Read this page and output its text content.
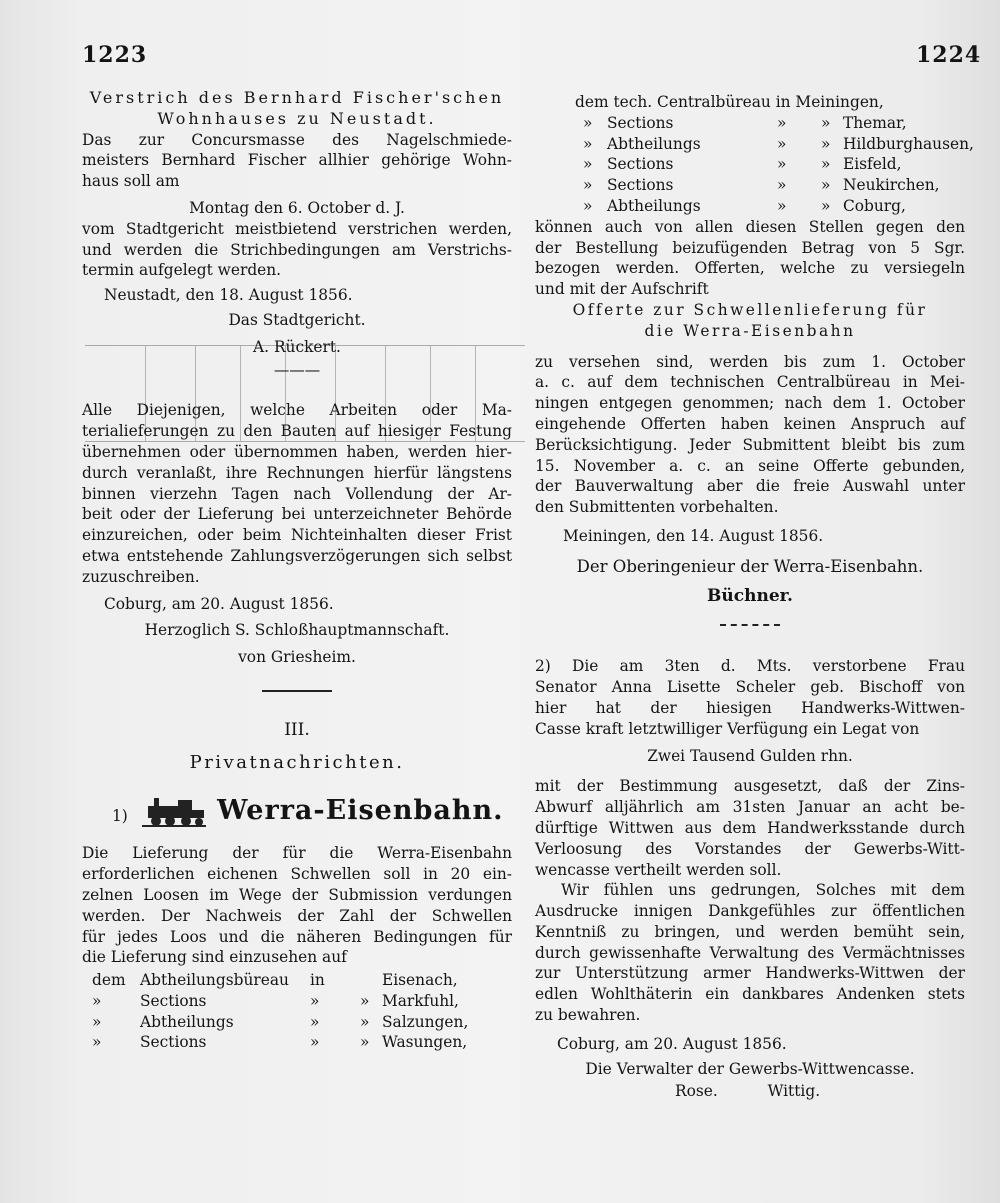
1223	1224
Verstrich des Bernhard Fischer'schen
Wohnhauses zu Neustadt.

Das zur Concursmasse des Nagelschmiede-
meisters Bernhard Fischer allhier gehörige Wohn-
haus soll am

Montag den 6. October d. J.

vom Stadtgericht meistbietend verstrichen werden,
und werden die Strichbedingungen am Verstrichs-
termin aufgelegt werden.

Neustadt, den 18. August 1856.
Das Stadtgericht.
A. Rückert.
———

Alle Diejenigen, welche Arbeiten oder Ma-
terialieferungen zu den Bauten auf hiesiger Festung
übernehmen oder übernommen haben, werden hier-
durch veranlaßt, ihre Rechnungen hierfür längstens
binnen vierzehn Tagen nach Vollendung der Ar-
beit oder der Lieferung bei unterzeichneter Behörde
einzureichen, oder beim Nichteinhalten dieser Frist
etwa entstehende Zahlungsverzögerungen sich selbst
zuzuschreiben.

Coburg, am 20. August 1856.
Herzoglich S. Schloßhauptmannschaft.
von Griesheim.
III.
Privatnachrichten.
1)	Werra-Eisenbahn.

Die Lieferung der für die Werra-Eisenbahn
erforderlichen eichenen Schwellen soll in 20 ein-
zelnen Loosen im Wege der Submission verdungen
werden. Der Nachweis der Zahl der Schwellen
für jedes Loos und die näheren Bedingungen für
die Lieferung sind einzusehen auf

dem Abtheilungsbüreau	in	Eisenach,
»	Sections	»	» Markfuhl,
»	Abtheilungs	»	» Salzungen,
»	Sections	»	» Wasungen,
dem tech. Centralbüreau in Meiningen,
» Sections	»	» Themar,
» Abtheilungs	»	» Hildburghausen,
» Sections	»	» Eisfeld,
» Sections	»	» Neukirchen,
» Abtheilungs	»	» Coburg,

können auch von allen diesen Stellen gegen den
der Bestellung beizufügenden Betrag von 5 Sgr.
bezogen werden. Offerten, welche zu versiegeln
und mit der Aufschrift

Offerte zur Schwellenlieferung für
die Werra-Eisenbahn

zu versehen sind, werden bis zum 1. October
a. c. auf dem technischen Centralbüreau in Mei-
ningen entgegen genommen; nach dem 1. October
eingehende Offerten haben keinen Anspruch auf
Berücksichtigung. Jeder Submittent bleibt bis zum
15. November a. c. an seine Offerte gebunden,
der Bauverwaltung aber die freie Auswahl unter
den Submittenten vorbehalten.

Meiningen, den 14. August 1856.
Der Oberingenieur der Werra-Eisenbahn.
Büchner.

2) Die am 3ten d. Mts. verstorbene Frau
Senator Anna Lisette Scheler geb. Bischoff von
hier hat der hiesigen Handwerks-Wittwen-
Casse kraft letztwilliger Verfügung ein Legat von

Zwei Tausend Gulden rhn.

mit der Bestimmung ausgesetzt, daß der Zins-
Abwurf alljährlich am 31sten Januar an acht be-
dürftige Wittwen aus dem Handwerksstande durch
Verloosung des Vorstandes der Gewerbs-Witt-
wencasse vertheilt werden soll.

Wir fühlen uns gedrungen, Solches mit dem
Ausdrucke innigen Dankgefühles zur öffentlichen
Kenntniß zu bringen, und werden bemüht sein,
durch gewissenhafte Verwaltung des Vermächtnisses
zur Unterstützung armer Handwerks-Wittwen der
edlen Wohlthäterin ein dankbares Andenken stets
zu bewahren.

Coburg, am 20. August 1856.
Die Verwalter der Gewerbs-Wittwencasse.
Rose.	Wittig.
